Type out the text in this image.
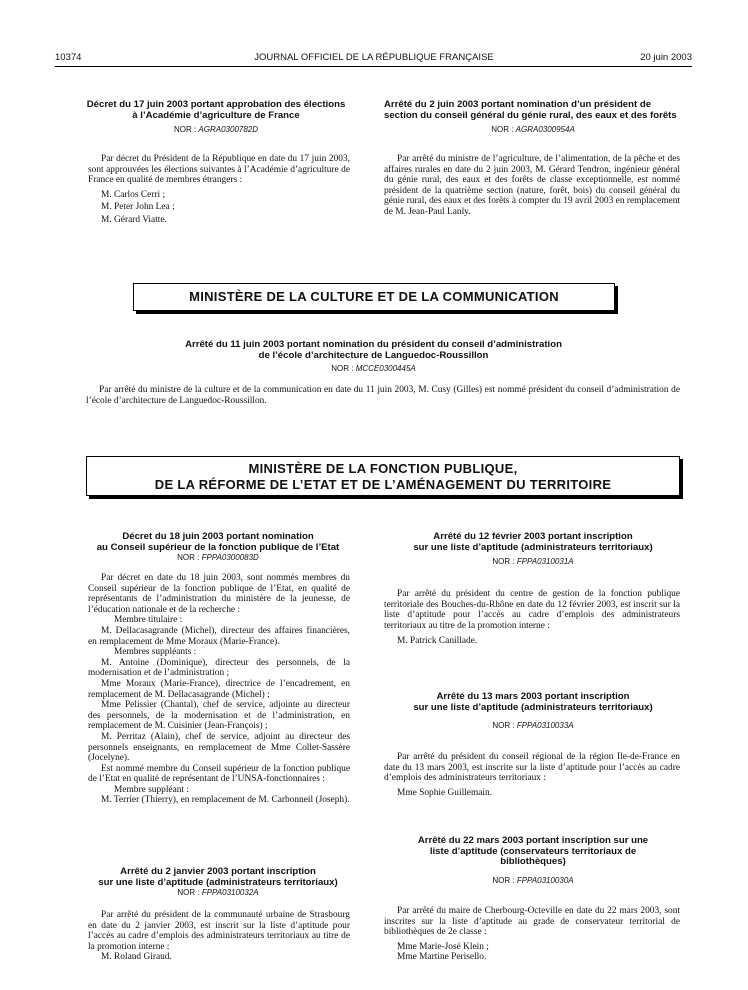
10374	JOURNAL OFFICIEL DE LA RÉPUBLIQUE FRANÇAISE	20 juin 2003
Décret du 17 juin 2003 portant approbation des élections à l’Académie d’agriculture de France
NOR : AGRA0300782D

Par décret du Président de la République en date du 17 juin 2003, sont approuvées les élections suivantes à l’Académie d’agriculture de France en qualité de membres étrangers :

M. Carlos Cerri ;

M. Peter John Lea ;

M. Gérard Viatte.

Arrêté du 2 juin 2003 portant nomination d’un président de section du conseil général du génie rural, des eaux et des forêts
NOR : AGRA0300954A

Par arrêté du ministre de l’agriculture, de l’alimentation, de la pêche et des affaires rurales en date du 2 juin 2003, M. Gérard Tendron, ingénieur général du génie rural, des eaux et des forêts de classe exceptionnelle, est nommé président de la quatrième section (nature, forêt, bois) du conseil général du génie rural, des eaux et des forêts à compter du 19 avril 2003 en remplacement de M. Jean-Paul Lanly.

MINISTÈRE DE LA CULTURE ET DE LA COMMUNICATION
Arrêté du 11 juin 2003 portant nomination du président du conseil d’administration
de l’école d’architecture de Languedoc-Roussillon
NOR : MCCE0300445A

Par arrêté du ministre de la culture et de la communication en date du 11 juin 2003, M. Cusy (Gilles) est nommé président du conseil d’administration de l’école d’architecture de Languedoc-Roussillon.

MINISTÈRE DE LA FONCTION PUBLIQUE,
DE LA RÉFORME DE L’ETAT ET DE L’AMÉNAGEMENT DU TERRITOIRE
Décret du 18 juin 2003 portant nomination
au Conseil supérieur de la fonction publique de l’Etat
NOR : FPPA0300083D

Par décret en date du 18 juin 2003, sont nommés membres du Conseil supérieur de la fonction publique de l’Etat, en qualité de représentants de l’administration du ministère de la jeunesse, de l’éducation nationale et de la recherche :

Membre titulaire :

M. Dellacasagrande (Michel), directeur des affaires financières, en remplacement de Mme Moraux (Marie-France).

Membres suppléants :

M. Antoine (Dominique), directeur des personnels, de la modernisation et de l’administration ;

Mme Moraux (Marie-France), directrice de l’encadrement, en remplacement de M. Dellacasagrande (Michel) ;

Mme Pelissier (Chantal), chef de service, adjointe au directeur des personnels, de la modernisation et de l’administration, en remplacement de M. Cuisinier (Jean-François) ;

M. Perritaz (Alain), chef de service, adjoint au directeur des personnels enseignants, en remplacement de Mme Collet-Sassère (Jocelyne).

Est nommé membre du Conseil supérieur de la fonction publique de l’Etat en qualité de représentant de l’UNSA-fonctionnaires :

Membre suppléant :

M. Terrier (Thierry), en remplacement de M. Carbonneil (Joseph).

Arrêté du 2 janvier 2003 portant inscription
sur une liste d’aptitude (administrateurs territoriaux)
NOR : FPPA0310032A

Par arrêté du président de la communauté urbaine de Strasbourg en date du 2 janvier 2003, est inscrit sur la liste d’aptitude pour l’accès au cadre d’emplois des administrateurs territoriaux au titre de la promotion interne :

M. Roland Giraud.

Arrêté du 12 février 2003 portant inscription
sur une liste d’aptitude (administrateurs territoriaux)
NOR : FPPA0310031A

Par arrêté du président du centre de gestion de la fonction publique territoriale des Bouches-du-Rhône en date du 12 février 2003, est inscrit sur la liste d’aptitude pour l’accès au cadre d’emplois des administrateurs territoriaux au titre de la promotion interne :

M. Patrick Canillade.

Arrêté du 13 mars 2003 portant inscription
sur une liste d’aptitude (administrateurs territoriaux)
NOR : FPPA0310033A

Par arrêté du président du conseil régional de la région Ile-de-France en date du 13 mars 2003, est inscrite sur la liste d’aptitude pour l’accès au cadre d’emplois des administrateurs territoriaux :

Mme Sophie Guillemain.

Arrêté du 22 mars 2003 portant inscription sur une
liste d’aptitude (conservateurs territoriaux de
bibliothèques)
NOR : FPPA0310030A

Par arrêté du maire de Cherbourg-Octeville en date du 22 mars 2003, sont inscrites sur la liste d’aptitude au grade de conservateur territorial de bibliothèques de 2e classe :

Mme Marie-José Klein ;

Mme Martine Perisello.
